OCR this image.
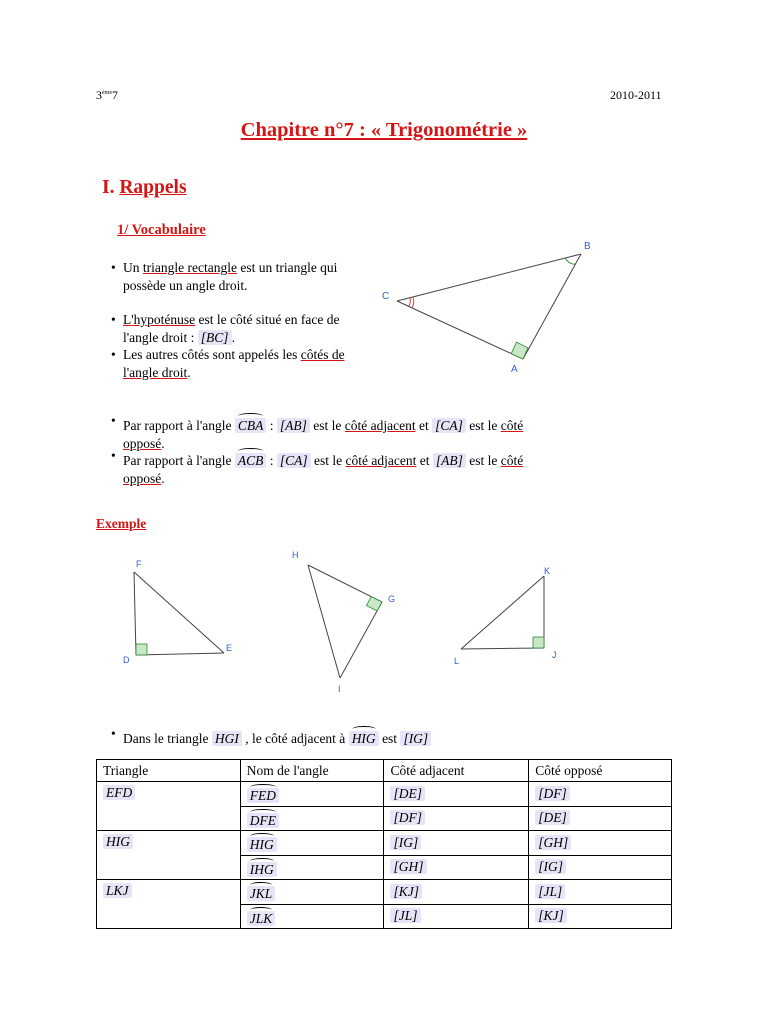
3ème7	2010-2011
Chapitre n°7 : « Trigonométrie »
I. Rappels
1/ Vocabulaire
• Un triangle rectangle est un triangle qui possède un angle droit.
• L'hypoténuse est le côté situé en face de l'angle droit : [BC] .
• Les autres côtés sont appelés les côtés de l'angle droit.
C
B
A
• Par rapport à l'angle CBA : [AB] est le côté adjacent et [CA] est le côté
opposé.
• Par rapport à l'angle ACB : [CA] est le côté adjacent et [AB] est le côté
opposé.
Exemple
F
D
E
H
G
I
K
L
J
• Dans le triangle HGI , le côté adjacent à HIG est [IG]
Triangle	Nom de l'angle	Côté adjacent	Côté opposé
EFD	FED	[DE]	[DF]
	DFE	[DF]	[DE]
HIG	HIG	[IG]	[GH]
	IHG	[GH]	[IG]
LKJ	JKL	[KJ]	[JL]
	JLK	[JL]	[KJ]
